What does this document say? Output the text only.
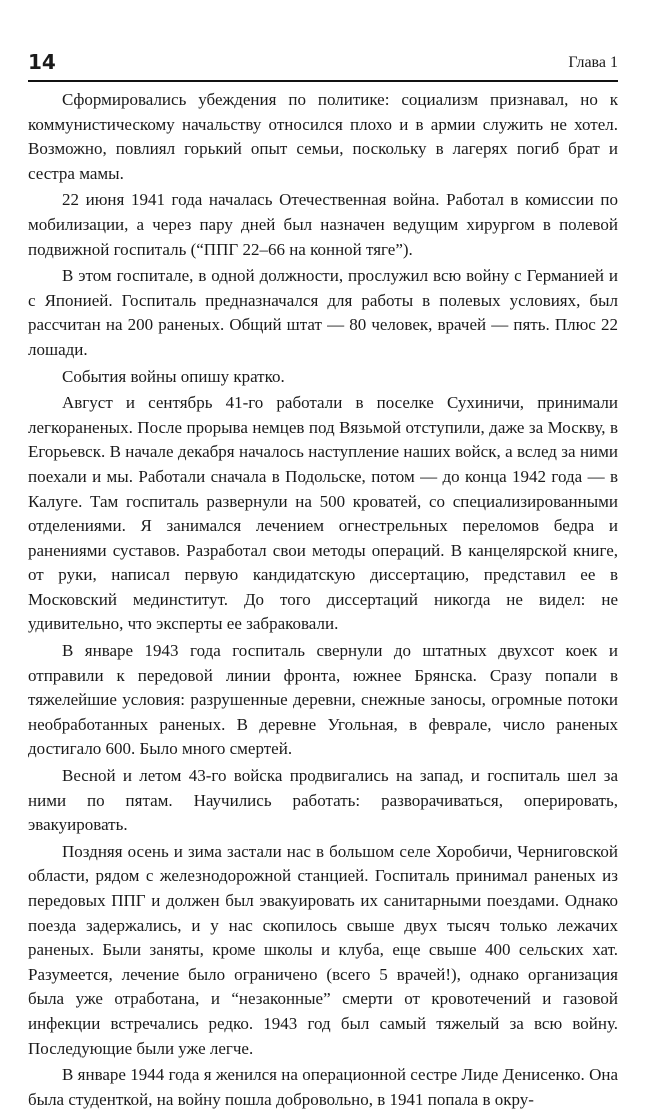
14	Глава 1

Сформировались убеждения по политике: социализм признавал, но к коммунистическому начальству относился плохо и в армии служить не хотел. Возможно, повлиял горький опыт семьи, поскольку в лагерях погиб брат и сестра мамы.

22 июня 1941 года началась Отечественная война. Работал в комиссии по мобилизации, а через пару дней был назначен ведущим хирургом в полевой подвижной госпиталь (“ППГ 22–66 на конной тяге”).

В этом госпитале, в одной должности, прослужил всю войну с Германией и с Японией. Госпиталь предназначался для работы в полевых условиях, был рассчитан на 200 раненых. Общий штат — 80 человек, врачей — пять. Плюс 22 лошади.

События войны опишу кратко.

Август и сентябрь 41-го работали в поселке Сухиничи, принимали легкораненых. После прорыва немцев под Вязьмой отступили, даже за Москву, в Егорьевск. В начале декабря началось наступление наших войск, а вслед за ними поехали и мы. Работали сначала в Подольске, потом — до конца 1942 года — в Калуге. Там госпиталь развернули на 500 кроватей, со специализированными отделениями. Я занимался лечением огнестрельных переломов бедра и ранениями суставов. Разработал свои методы операций. В канцелярской книге, от руки, написал первую кандидатскую диссертацию, представил ее в Московский мединститут. До того диссертаций никогда не видел: не удивительно, что эксперты ее забраковали.

В январе 1943 года госпиталь свернули до штатных двухсот коек и отправили к передовой линии фронта, южнее Брянска. Сразу попали в тяжелейшие условия: разрушенные деревни, снежные заносы, огромные потоки необработанных раненых. В деревне Угольная, в феврале, число раненых достигало 600. Было много смертей.

Весной и летом 43-го войска продвигались на запад, и госпиталь шел за ними по пятам. Научились работать: разворачиваться, оперировать, эвакуировать.

Поздняя осень и зима застали нас в большом селе Хоробичи, Черниговской области, рядом с железнодорожной станцией. Госпиталь принимал раненых из передовых ППГ и должен был эвакуировать их санитарными поездами. Однако поезда задержались, и у нас скопилось свыше двух тысяч только лежачих раненых. Были заняты, кроме школы и клуба, еще свыше 400 сельских хат. Разумеется, лечение было ограничено (всего 5 врачей!), однако организация была уже отработана, и “незаконные” смерти от кровотечений и газовой инфекции встречались редко. 1943 год был самый тяжелый за всю войну. Последующие были уже легче.

В январе 1944 года я женился на операционной сестре Лиде Денисенко. Она была студенткой, на войну пошла добровольно, в 1941 попала в окру-
